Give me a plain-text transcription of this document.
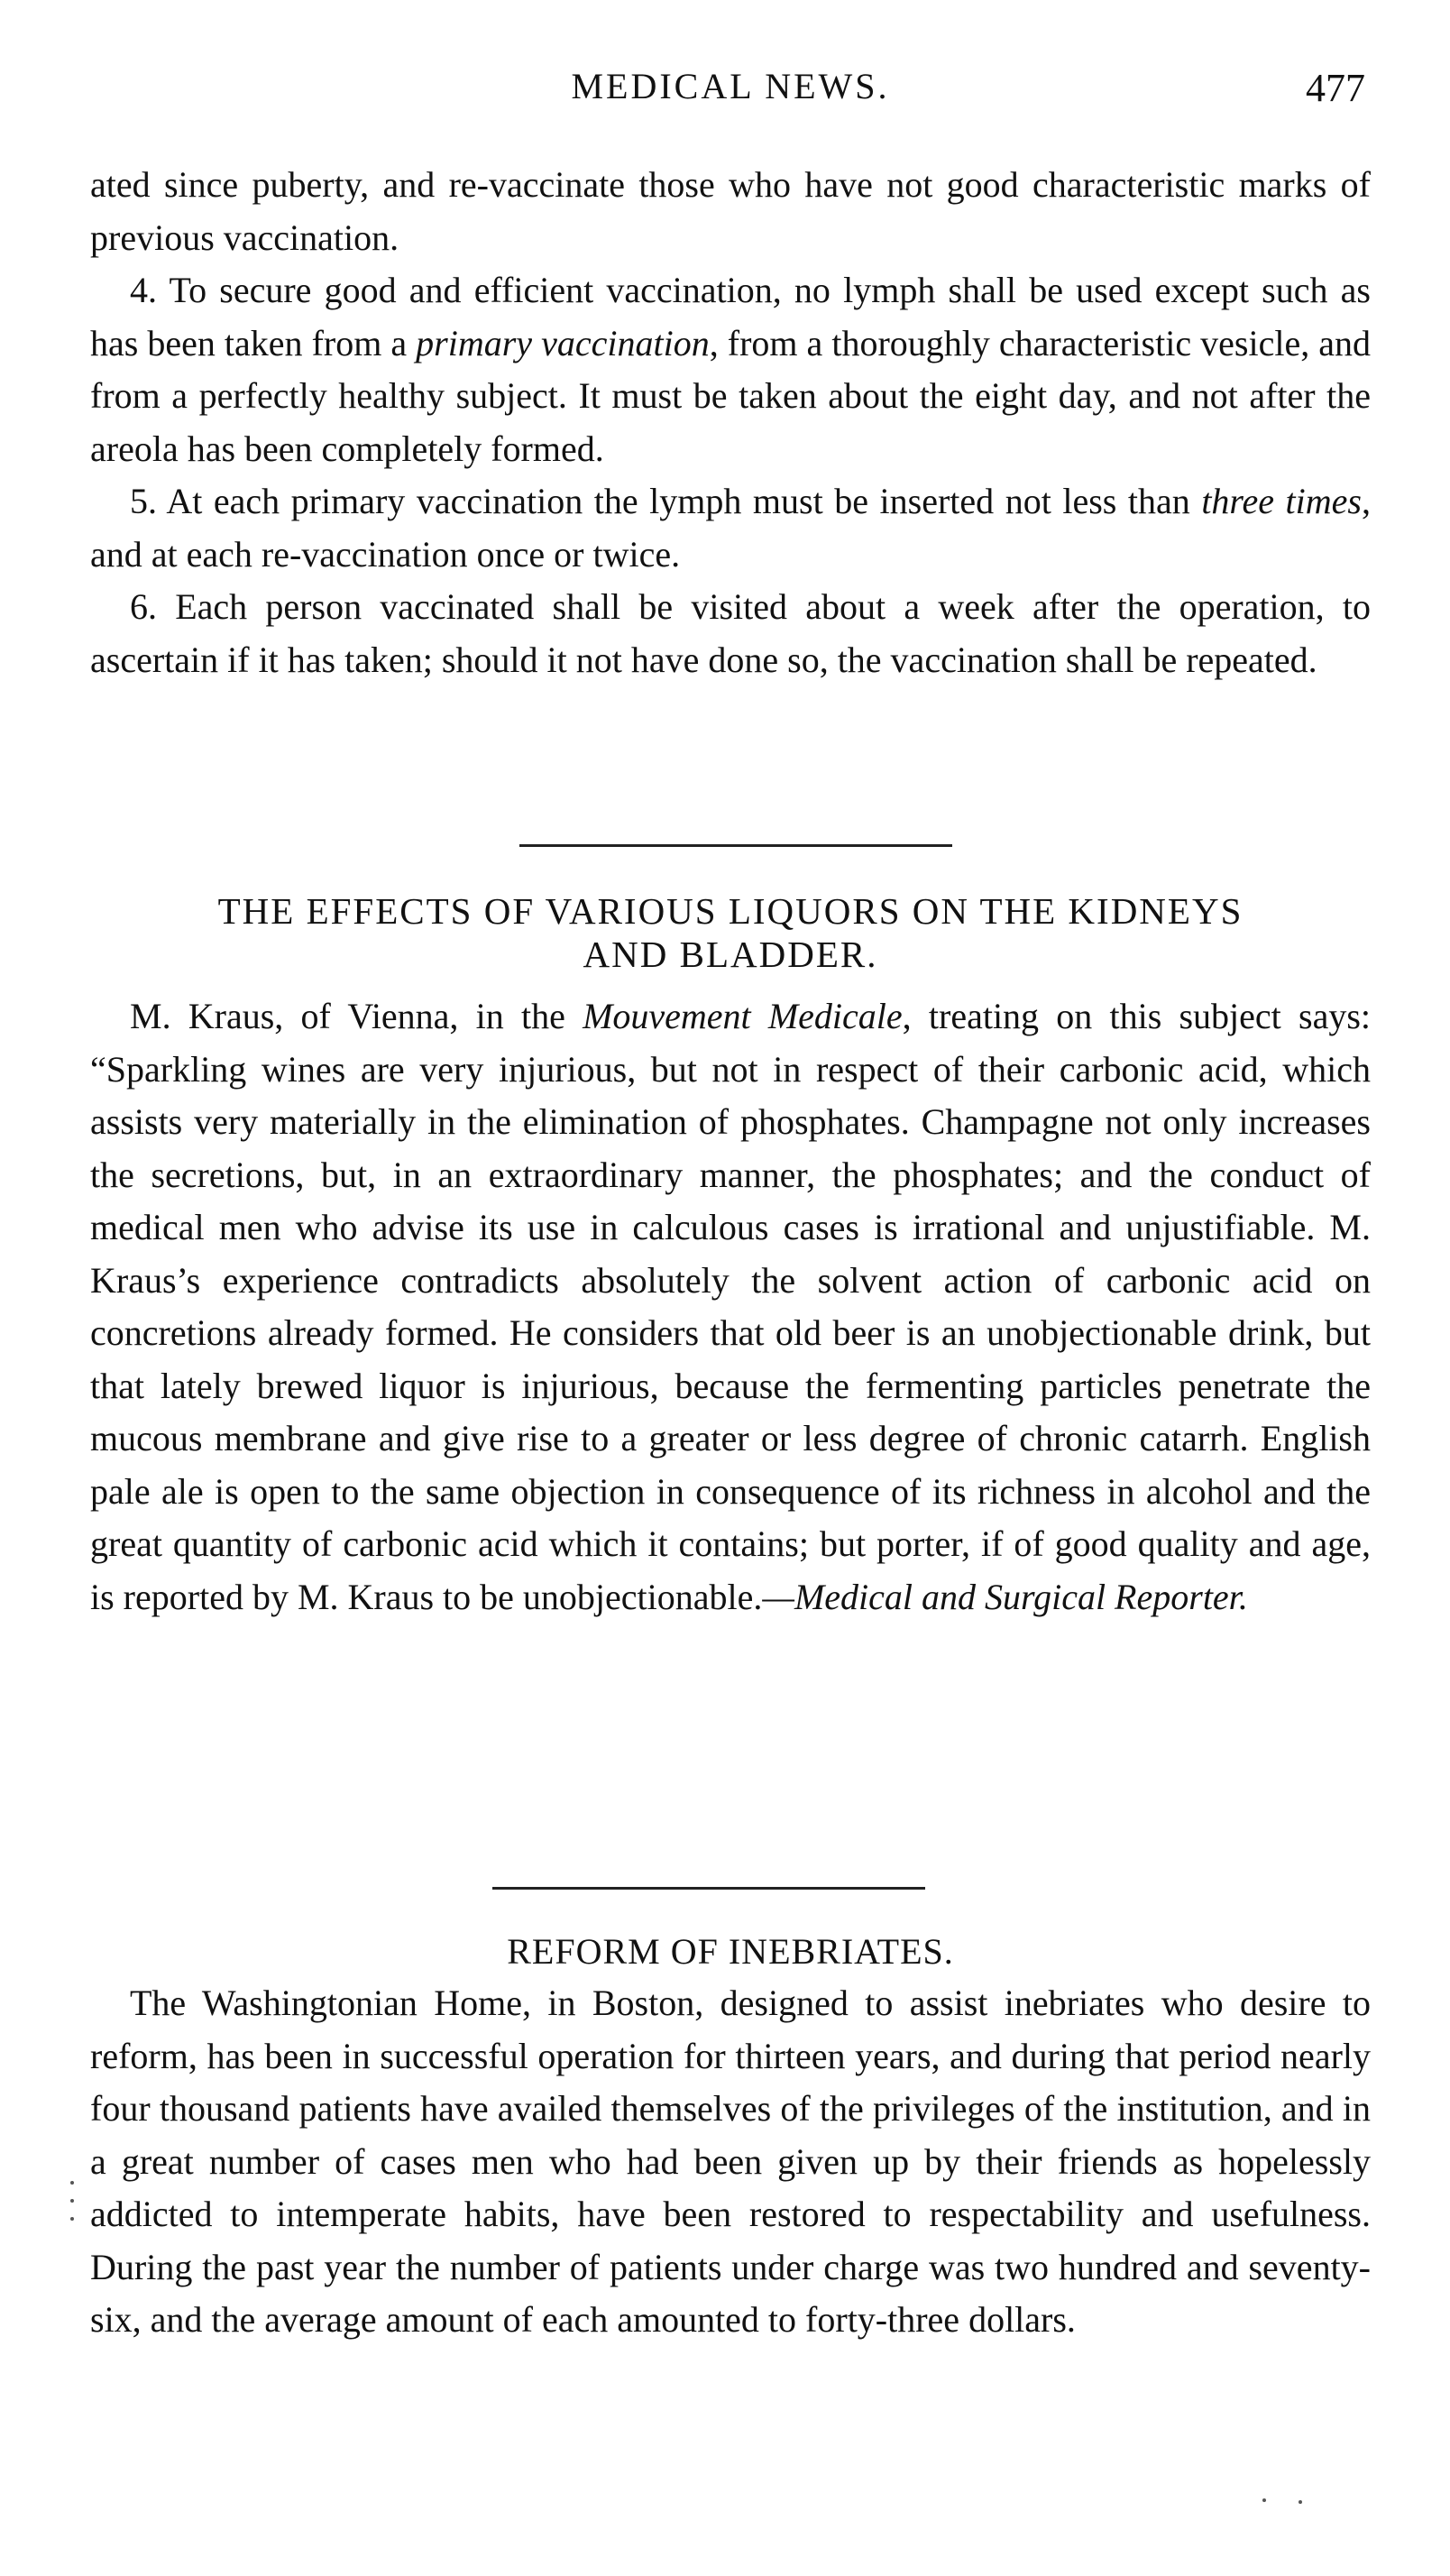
MEDICAL NEWS.	477

ated since puberty, and re-vaccinate those who have not good characteristic marks of previous vaccination.

4. To secure good and efficient vaccination, no lymph shall be used except such as has been taken from a primary vaccination, from a thoroughly characteristic vesicle, and from a perfectly healthy subject. It must be taken about the eight day, and not after the areola has been completely formed.

5. At each primary vaccination the lymph must be inserted not less than three times, and at each re-vaccination once or twice.

6. Each person vaccinated shall be visited about a week after the operation, to ascertain if it has taken; should it not have done so, the vaccination shall be repeated.

THE EFFECTS OF VARIOUS LIQUORS ON THE KIDNEYS
AND BLADDER.

M. Kraus, of Vienna, in the Mouvement Medicale, treating on this subject says: “Sparkling wines are very injurious, but not in respect of their carbonic acid, which assists very materially in the elimination of phosphates. Champagne not only increases the secretions, but, in an extraordinary manner, the phosphates; and the conduct of medical men who advise its use in calculous cases is irrational and unjustifiable. M. Kraus’s experience contradicts absolutely the solvent action of carbonic acid on concretions already formed. He considers that old beer is an unobjectionable drink, but that lately brewed liquor is injurious, because the fermenting particles penetrate the mucous membrane and give rise to a greater or less degree of chronic catarrh. English pale ale is open to the same objection in consequence of its richness in alcohol and the great quantity of carbonic acid which it contains; but porter, if of good quality and age, is reported by M. Kraus to be unobjectionable.—Medical and Surgical Reporter.

REFORM OF INEBRIATES.

The Washingtonian Home, in Boston, designed to assist inebriates who desire to reform, has been in successful operation for thirteen years, and during that period nearly four thousand patients have availed themselves of the privileges of the institution, and in a great number of cases men who had been given up by their friends as hopelessly addicted to intemperate habits, have been restored to respectability and usefulness. During the past year the number of patients under charge was two hundred and seventy-six, and the average amount of each amounted to forty-three dollars.
